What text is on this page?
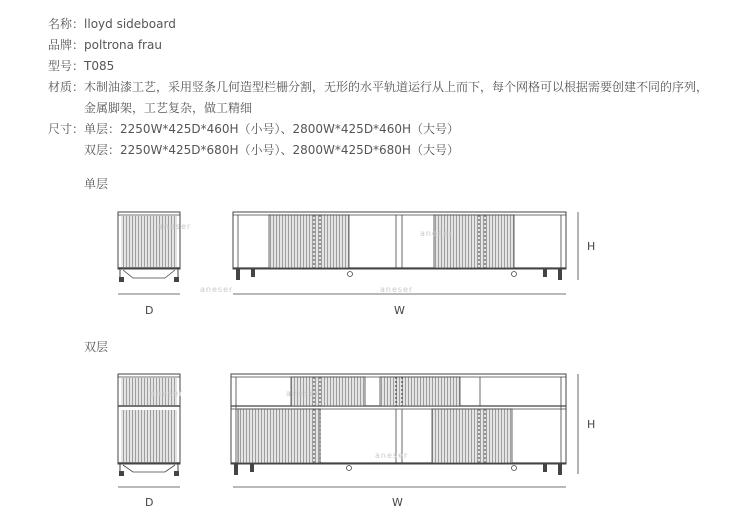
名称：lloyd sideboard
品牌：poltrona frau
型号：T085
材质：木制油漆工艺，采用竖条几何造型栏栅分割，无形的水平轨道运行从上而下，每个网格可以根据需要创建不同的序列，
金属脚架，工艺复杂，做工精细
尺寸：单层：2250W*425D*460H（小号）、2800W*425D*460H（大号）
双层：2250W*425D*680H（小号）、2800W*425D*680H（大号）
单层
双层
D	W
H
D	W
H
aneser
aneser
aneser	aneser
aneser	aneser
aneser
